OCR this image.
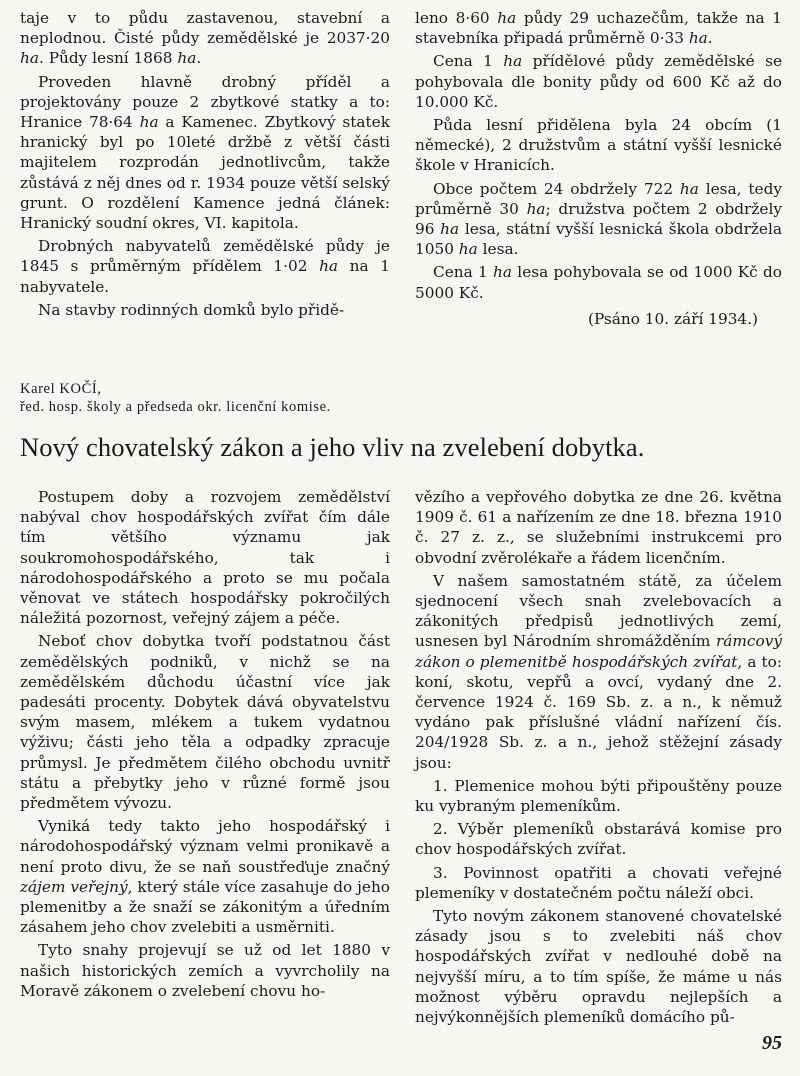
taje v to půdu zastavenou, stavební a neplodnou. Čisté půdy zemědělské je 2037·20 ha. Půdy lesní 1868 ha.

Proveden hlavně drobný příděl a projektovány pouze 2 zbytkové statky a to: Hranice 78·64 ha a Kamenec. Zbytkový statek hranický byl po 10leté držbě z větší části majitelem rozprodán jednotlivcům, takže zůstává z něj dnes od r. 1934 pouze větší selský grunt. O rozdělení Kamence jedná článek: Hranický soudní okres, VI. kapitola.

Drobných nabyvatelů zemědělské půdy je 1845 s průměrným přídělem 1·02 ha na 1 nabyvatele.

Na stavby rodinných domků bylo přidě-

leno 8·60 ha půdy 29 uchazečům, takže na 1 stavebníka připadá průměrně 0·33 ha.

Cena 1 ha přídělové půdy zemědělské se pohybovala dle bonity půdy od 600 Kč až do 10.000 Kč.

Půda lesní přidělena byla 24 obcím (1 německé), 2 družstvům a státní vyšší lesnické škole v Hranicích.

Obce počtem 24 obdržely 722 ha lesa, tedy průměrně 30 ha; družstva počtem 2 obdržely 96 ha lesa, státní vyšší lesnická škola obdržela 1050 ha lesa.

Cena 1 ha lesa pohybovala se od 1000 Kč do 5000 Kč.

(Psáno 10. září 1934.)

Karel KOČÍ,
řed. hosp. školy a předseda okr. licenční komise.
Nový chovatelský zákon a jeho vliv na zvelebení dobytka.

Postupem doby a rozvojem zemědělství nabýval chov hospodářských zvířat čím dále tím většího významu jak soukromohospodářského, tak i národohospodářského a proto se mu počala věnovat ve státech hospodářsky pokročilých náležitá pozornost, veřejný zájem a péče.

Neboť chov dobytka tvoří podstatnou část zemědělských podniků, v nichž se na zemědělském důchodu účastní více jak padesáti procenty. Dobytek dává obyvatelstvu svým masem, mlékem a tukem vydatnou výživu; části jeho těla a odpadky zpracuje průmysl. Je předmětem čilého obchodu uvnitř státu a přebytky jeho v různé formě jsou předmětem vývozu.

Vyniká tedy takto jeho hospodářský i národohospodářský význam velmi pronikavě a není proto divu, že se naň soustřeďuje značný zájem veřejný, který stále více zasahuje do jeho plemenitby a že snaží se zákonitým a úředním zásahem jeho chov zvelebiti a usměrniti.

Tyto snahy projevují se už od let 1880 v našich historických zemích a vyvrcholily na Moravě zákonem o zvelebení chovu ho-

vězího a vepřového dobytka ze dne 26. května 1909 č. 61 a nařízením ze dne 18. března 1910 č. 27 z. z., se služebními instrukcemi pro obvodní zvěrolékaře a řádem licenčním.

V našem samostatném státě, za účelem sjednocení všech snah zvelebovacích a zákonitých předpisů jednotlivých zemí, usnesen byl Národním shromážděním rámcový zákon o plemenitbě hospodářských zvířat, a to: koní, skotu, vepřů a ovcí, vydaný dne 2. července 1924 č. 169 Sb. z. a n., k němuž vydáno pak příslušné vládní nařízení čís. 204/1928 Sb. z. a n., jehož stěžejní zásady jsou:

1. Plemenice mohou býti připouštěny pouze ku vybraným plemeníkům.

2. Výběr plemeníků obstarává komise pro chov hospodářských zvířat.

3. Povinnost opatřiti a chovati veřejné plemeníky v dostatečném počtu náleží obci.

Tyto novým zákonem stanovené chovatelské zásady jsou s to zvelebiti náš chov hospodářských zvířat v nedlouhé době na nejvyšší míru, a to tím spíše, že máme u nás možnost výběru opravdu nejlepších a nejvýkonnějších plemeníků domácího pů-

95
